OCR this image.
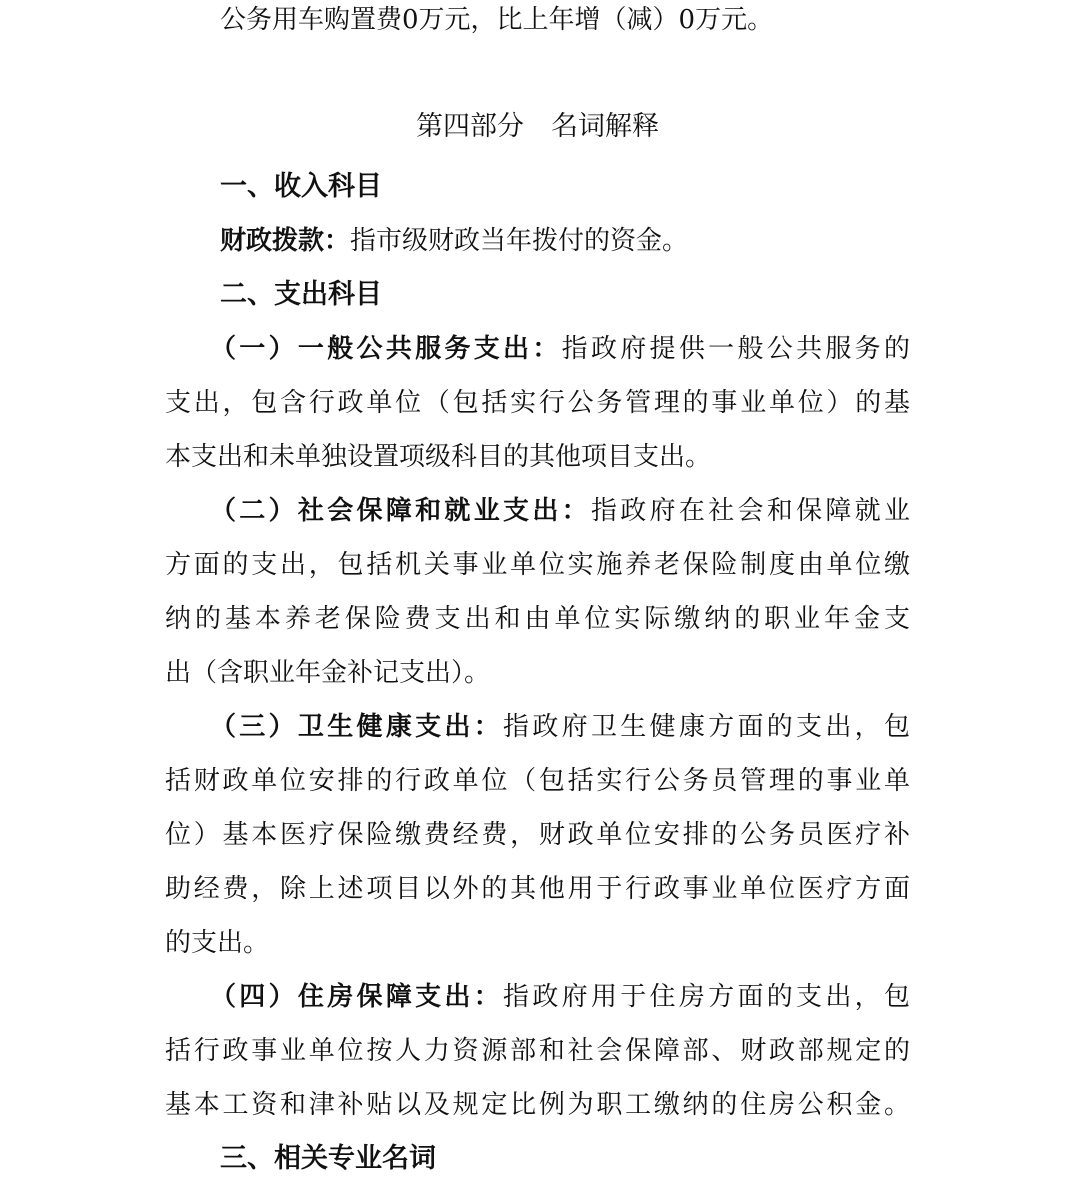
公务用车购置费0万元，比上年增（减）0万元。
第四部分　名词解释
一、收入科目
财政拨款：指市级财政当年拨付的资金。
二、支出科目
（一）一般公共服务支出：指政府提供一般公共服务的
支出，包含行政单位（包括实行公务管理的事业单位）的基
本支出和未单独设置项级科目的其他项目支出。
（二）社会保障和就业支出：指政府在社会和保障就业
方面的支出，包括机关事业单位实施养老保险制度由单位缴
纳的基本养老保险费支出和由单位实际缴纳的职业年金支
出（含职业年金补记支出）。
（三）卫生健康支出：指政府卫生健康方面的支出，包
括财政单位安排的行政单位（包括实行公务员管理的事业单
位）基本医疗保险缴费经费，财政单位安排的公务员医疗补
助经费，除上述项目以外的其他用于行政事业单位医疗方面
的支出。
（四）住房保障支出：指政府用于住房方面的支出，包
括行政事业单位按人力资源部和社会保障部、财政部规定的
基本工资和津补贴以及规定比例为职工缴纳的住房公积金。
三、相关专业名词
